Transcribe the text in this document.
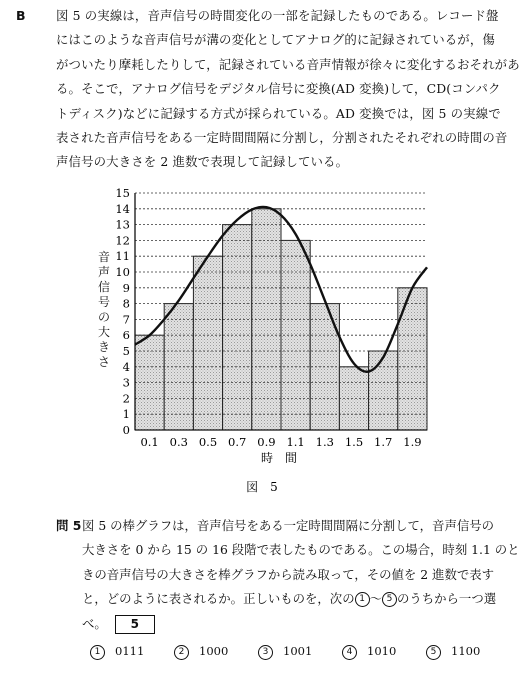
B 図 5 の実線は，音声信号の時間変化の一部を記録したものである。レコード盤
にはこのような音声信号が溝の変化としてアナログ的に記録されているが，傷
がついたり摩耗したりして，記録されている音声情報が徐々に変化するおそれがあ
る。そこで，アナログ信号をデジタル信号に変換(AD 変換)して，CD(コンパク
トディスク)などに記録する方式が採られている。AD 変換では，図 5 の実線で
表された音声信号をある一定時間間隔に分割し，分割されたそれぞれの時間の音
声信号の大きさを 2 進数で表現して記録している。
音
声
信
号
の
大
き
さ
0
1
2
3
4
5
6
7
8
9
10
11
12
13
14
15
0.1 0.3 0.5 0.7 0.9 1.1 1.3 1.5 1.7 1.9
時　間
図　5
問 5 図 5 の棒グラフは，音声信号をある一定時間間隔に分割して，音声信号の
大きさを 0 から 15 の 16 段階で表したものである。この場合，時刻 1.1 のと
きの音声信号の大きさを棒グラフから読み取って，その値を 2 進数で表す
と，どのように表されるか。正しいものを，次の 1 〜 5 のうちから一つ選
べ。 5
1 0111	2 1000	3 1001	4 1010	5 1100
